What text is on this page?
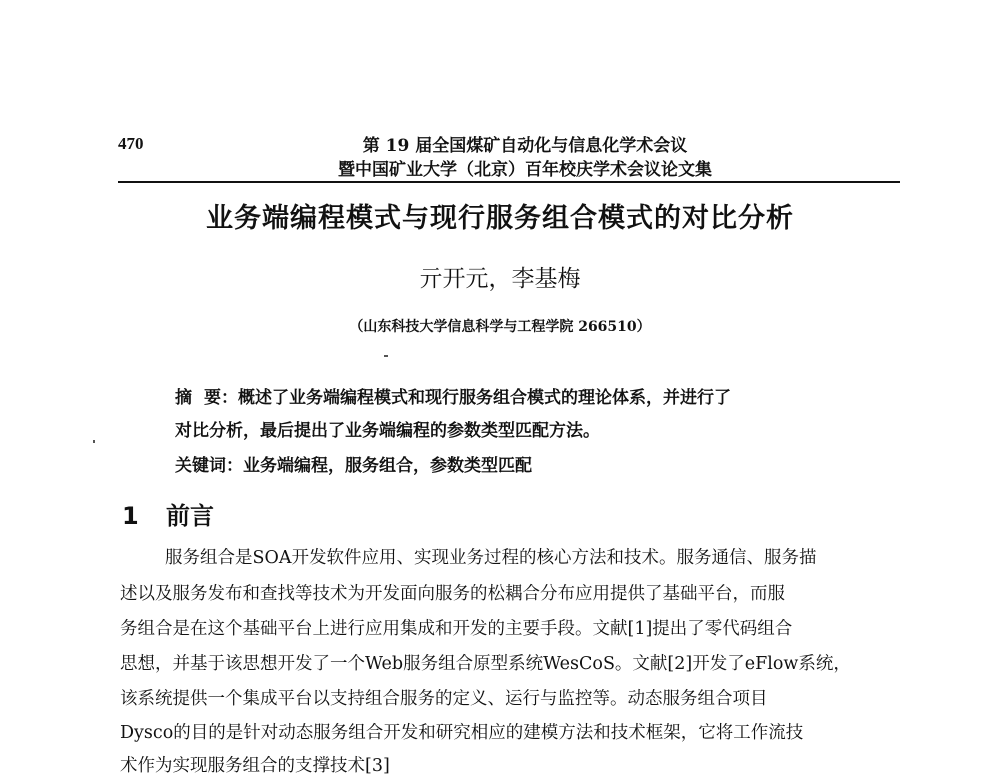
470	第 19 届全国煤矿自动化与信息化学术会议
暨中国矿业大学（北京）百年校庆学术会议论文集
业务端编程模式与现行服务组合模式的对比分析
亓开元，李基梅
（山东科技大学信息科学与工程学院 266510）
摘 要：概述了业务端编程模式和现行服务组合模式的理论体系，并进行了
对比分析，最后提出了业务端编程的参数类型匹配方法。
关键词：业务端编程，服务组合，参数类型匹配
1 前言
服务组合是SOA开发软件应用、实现业务过程的核心方法和技术。服务通信、服务描
述以及服务发布和查找等技术为开发面向服务的松耦合分布应用提供了基础平台，而服
务组合是在这个基础平台上进行应用集成和开发的主要手段。文献[1]提出了零代码组合
思想，并基于该思想开发了一个Web服务组合原型系统WesCoS。文献[2]开发了eFlow系统，
该系统提供一个集成平台以支持组合服务的定义、运行与监控等。动态服务组合项目
Dysco的目的是针对动态服务组合开发和研究相应的建模方法和技术框架，它将工作流技
术作为实现服务组合的支撑技术[3]
